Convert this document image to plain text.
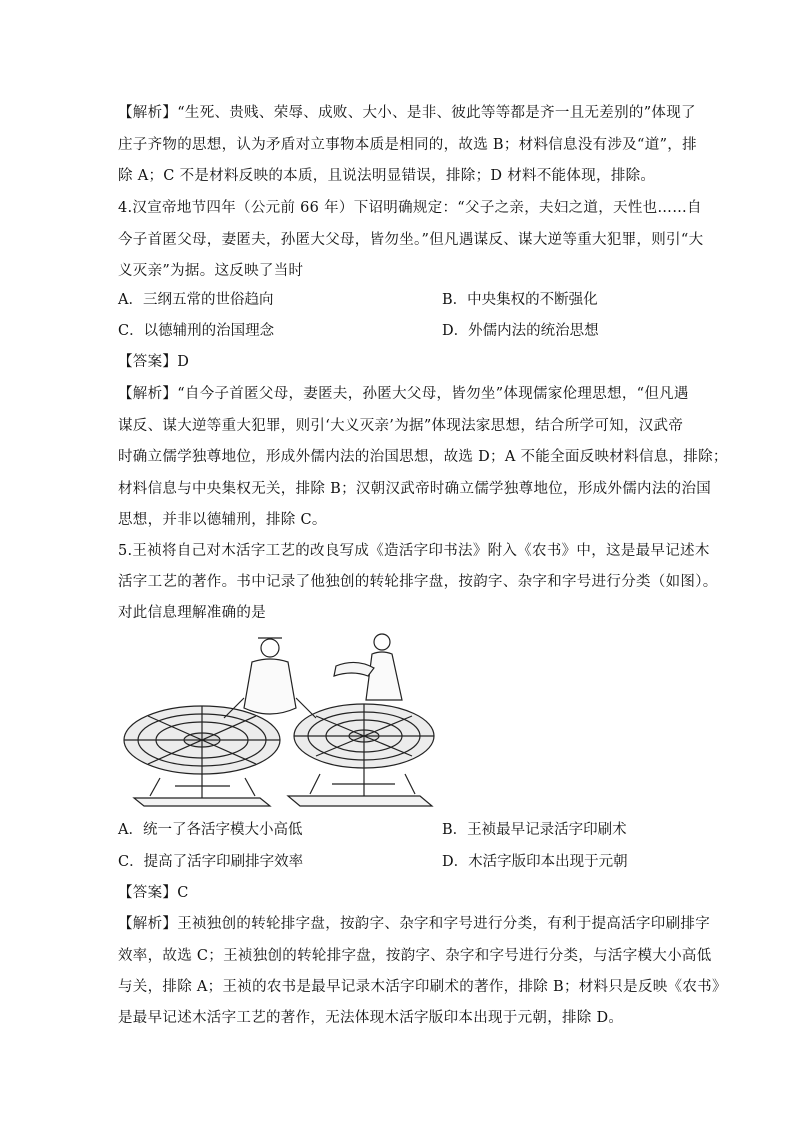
【解析】“生死、贵贱、荣辱、成败、大小、是非、彼此等等都是齐一且无差别的”体现了
庄子齐物的思想，认为矛盾对立事物本质是相同的，故选 B；材料信息没有涉及“道”，排
除 A；C 不是材料反映的本质，且说法明显错误，排除；D 材料不能体现，排除。
4.汉宣帝地节四年（公元前 66 年）下诏明确规定：“父子之亲，夫妇之道，天性也……自
今子首匿父母，妻匿夫，孙匿大父母，皆勿坐。”但凡遇谋反、谋大逆等重大犯罪，则引“大
义灭亲”为据。这反映了当时
A．三纲五常的世俗趋向	B．中央集权的不断强化
C．以德辅刑的治国理念	D．外儒内法的统治思想
【答案】D
【解析】“自今子首匿父母，妻匿夫，孙匿大父母，皆勿坐”体现儒家伦理思想，“但凡遇
谋反、谋大逆等重大犯罪，则引‘大义灭亲’为据”体现法家思想，结合所学可知，汉武帝
时确立儒学独尊地位，形成外儒内法的治国思想，故选 D；A 不能全面反映材料信息，排除；
材料信息与中央集权无关，排除 B；汉朝汉武帝时确立儒学独尊地位，形成外儒内法的治国
思想，并非以德辅刑，排除 C。
5.王祯将自己对木活字工艺的改良写成《造活字印书法》附入《农书》中，这是最早记述木
活字工艺的著作。书中记录了他独创的转轮排字盘，按韵字、杂字和字号进行分类（如图）。
对此信息理解准确的是
A．统一了各活字模大小高低	B．王祯最早记录活字印刷术
C．提高了活字印刷排字效率	D．木活字版印本出现于元朝
【答案】C
【解析】王祯独创的转轮排字盘，按韵字、杂字和字号进行分类，有利于提高活字印刷排字
效率，故选 C；王祯独创的转轮排字盘，按韵字、杂字和字号进行分类，与活字模大小高低
与关，排除 A；王祯的农书是最早记录木活字印刷术的著作，排除 B；材料只是反映《农书》
是最早记述木活字工艺的著作，无法体现木活字版印本出现于元朝，排除 D。
